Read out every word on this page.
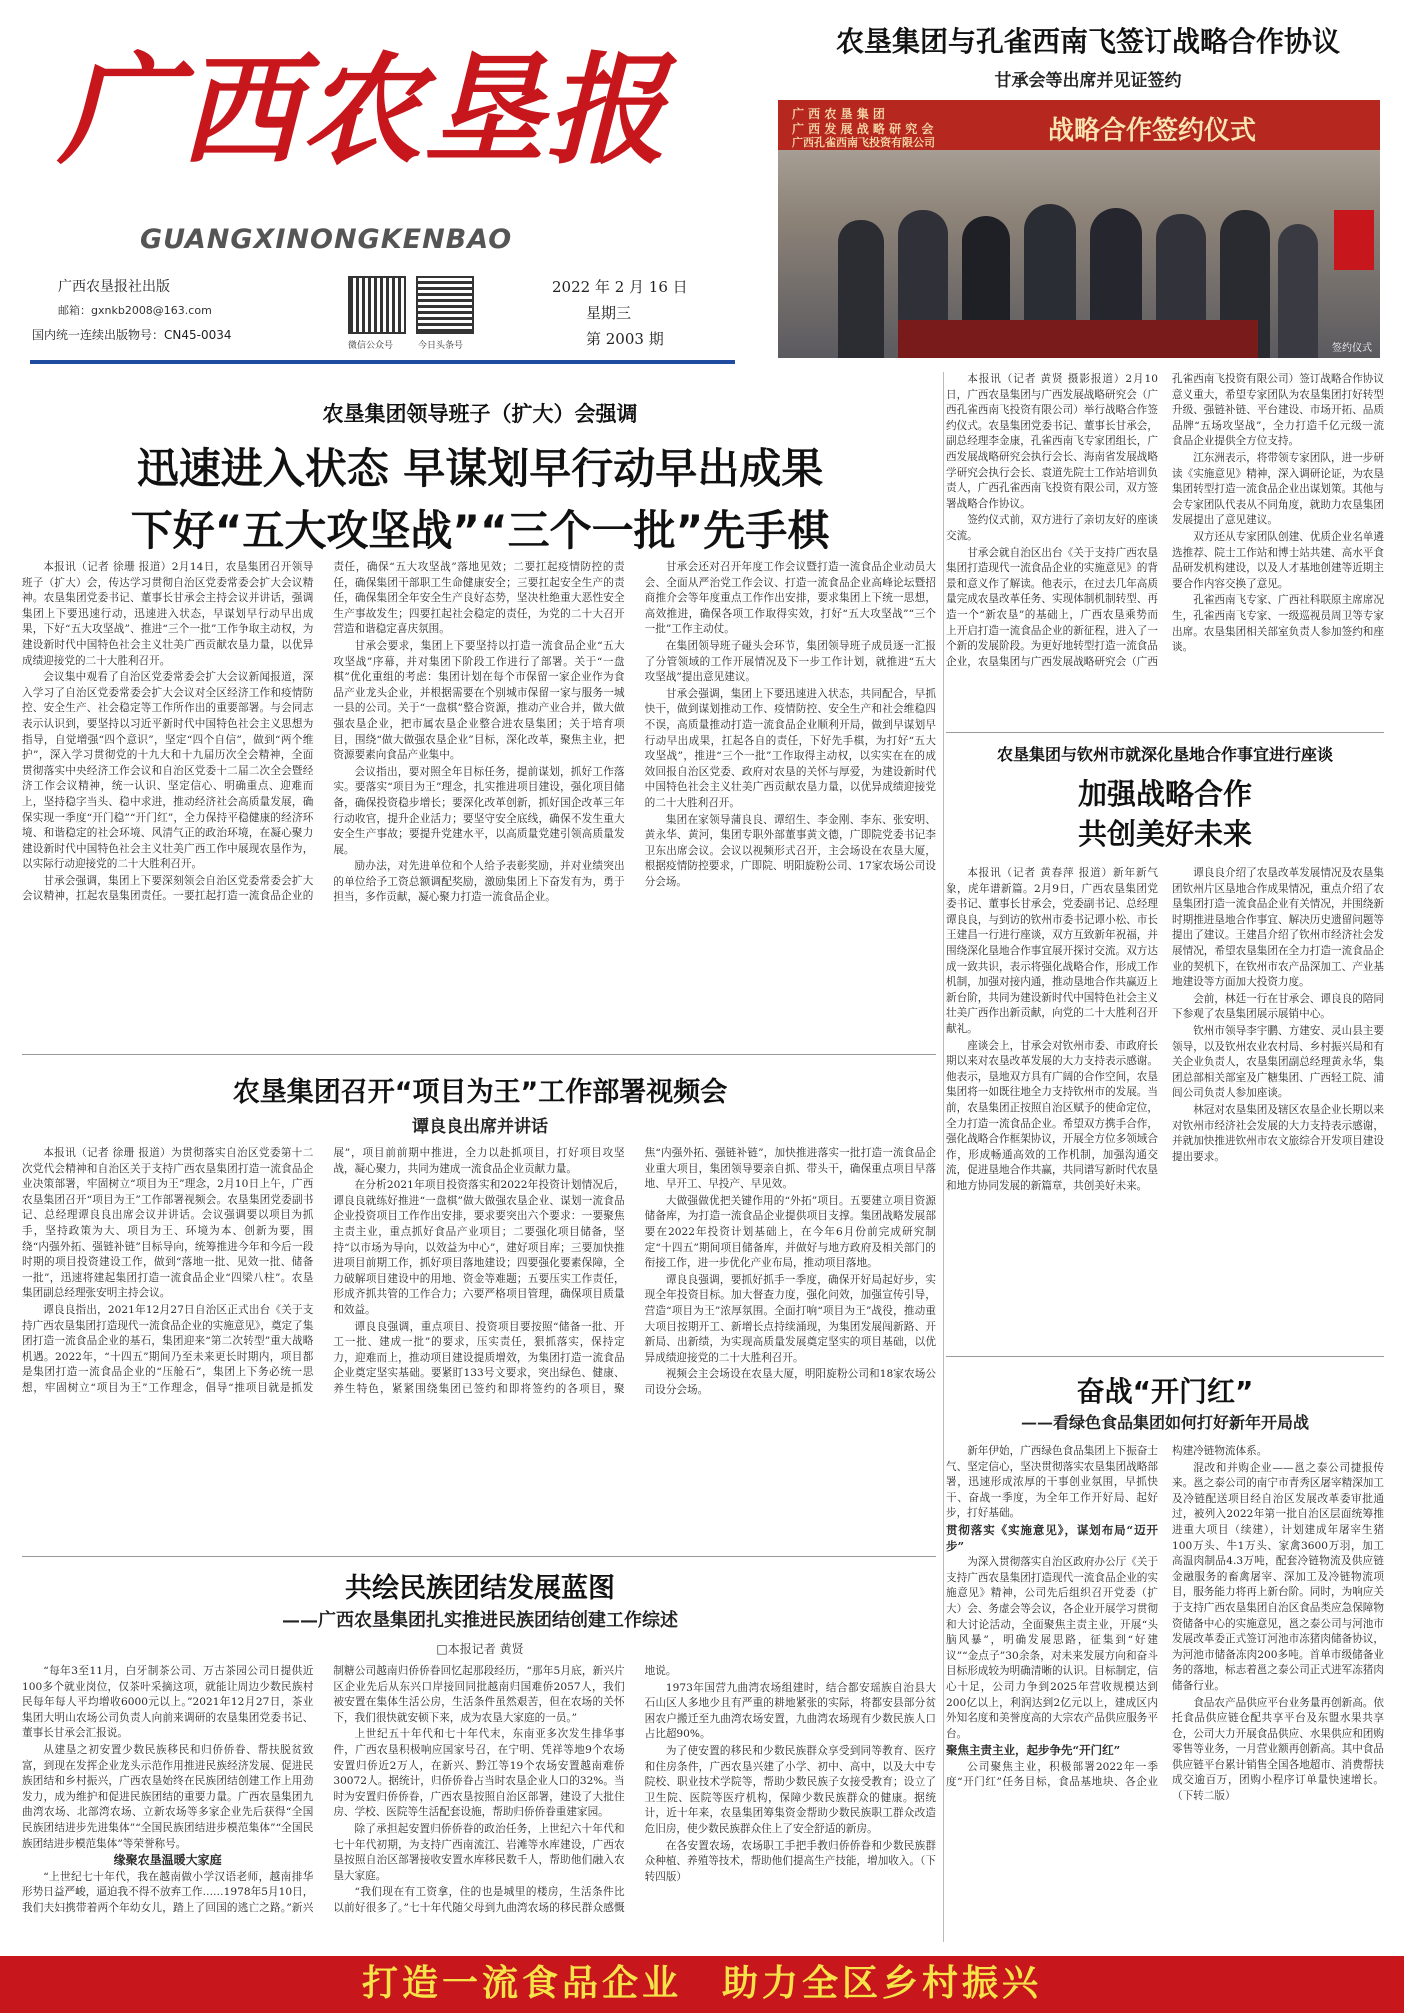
广西农垦报
GUANGXINONGKENBAO
广西农垦报社出版
邮箱：gxnkb2008@163.com
国内统一连续出版物号：CN45-0034
微信公众号	今日头条号
2022 年 2 月 16 日
星期三
第 2003 期
农垦集团与孔雀西南飞签订战略合作协议
甘承会等出席并见证签约
广 西 农 垦 集 团
广 西 发 展 战 略 研 究 会
广西孔雀西南飞投资有限公司	战略合作签约仪式
签约仪式

本报讯（记者 黄贤 摄影报道）2月10日，广西农垦集团与广西发展战略研究会（广西孔雀西南飞投资有限公司）举行战略合作签约仪式。农垦集团党委书记、董事长甘承会，副总经理李金康，孔雀西南飞专家团组长，广西发展战略研究会执行会长、海南省发展战略学研究会执行会长、袁道先院士工作站培训负责人，广西孔雀西南飞投资有限公司，双方签署战略合作协议。

签约仪式前，双方进行了亲切友好的座谈交流。

甘承会就自治区出台《关于支持广西农垦集团打造现代一流食品企业的实施意见》的背景和意义作了解读。他表示，在过去几年高质量完成农垦改革任务、实现体制机制转型、再造一个“新农垦”的基础上，广西农垦乘势而上开启打造一流食品企业的新征程，进入了一个新的发展阶段。为更好地转型打造一流食品企业，农垦集团与广西发展战略研究会（广西孔雀西南飞投资有限公司）签订战略合作协议意义重大，希望专家团队为农垦集团打好转型升级、强链补链、平台建设、市场开拓、品质品牌“五场攻坚战”，全力打造千亿元级一流食品企业提供全方位支持。

江东洲表示，将带领专家团队，进一步研读《实施意见》精神，深入调研论证，为农垦集团转型打造一流食品企业出谋划策。其他与会专家团队代表从不同角度，就助力农垦集团发展提出了意见建议。

双方还从专家团队创建、优质企业名单遴选推荐、院士工作站和博士站共建、高水平食品研发机构建设，以及人才基地创建等近期主要合作内容交换了意见。

孔雀西南飞专家、广西社科联原主席席况生，孔雀西南飞专家、一级巡视员周卫等专家出席。农垦集团相关部室负责人参加签约和座谈。

农垦集团领导班子（扩大）会强调
迅速进入状态 早谋划早行动早出成果
下好“五大攻坚战”“三个一批”先手棋

本报讯（记者 徐珊 报道）2月14日，农垦集团召开领导班子（扩大）会，传达学习贯彻自治区党委常委会扩大会议精神。农垦集团党委书记、董事长甘承会主持会议并讲话，强调集团上下要迅速行动，迅速进入状态，早谋划早行动早出成果，下好“五大攻坚战”、推进“三个一批”工作争取主动权，为建设新时代中国特色社会主义壮美广西贡献农垦力量，以优异成绩迎接党的二十大胜利召开。

会议集中观看了自治区党委常委会扩大会议新闻报道，深入学习了自治区党委常委会扩大会议对全区经济工作和疫情防控、安全生产、社会稳定等工作所作出的重要部署。与会同志表示认识到，要坚持以习近平新时代中国特色社会主义思想为指导，自觉增强“四个意识”，坚定“四个自信”，做到“两个维护”，深入学习贯彻党的十九大和十九届历次全会精神，全面贯彻落实中央经济工作会议和自治区党委十二届二次全会暨经济工作会议精神，统一认识、坚定信心、明确重点、迎难而上，坚持稳字当头、稳中求进，推动经济社会高质量发展，确保实现一季度“开门稳”“开门红”，全力保持平稳健康的经济环境、和谐稳定的社会环境、风清气正的政治环境，在凝心聚力建设新时代中国特色社会主义壮美广西工作中展现农垦作为，以实际行动迎接党的二十大胜利召开。

甘承会强调，集团上下要深刻领会自治区党委常委会扩大会议精神，扛起农垦集团责任。一要扛起打造一流食品企业的责任，确保“五大攻坚战”落地见效；二要扛起疫情防控的责任，确保集团干部职工生命健康安全；三要扛起安全生产的责任，确保集团全年安全生产良好态势，坚决杜绝重大恶性安全生产事故发生；四要扛起社会稳定的责任，为党的二十大召开营造和谐稳定喜庆氛围。

甘承会要求，集团上下要坚持以打造一流食品企业“五大攻坚战”序幕，并对集团下阶段工作进行了部署。关于“一盘棋”优化重组的考虑：集团计划在每个市保留一家企业作为食品产业龙头企业，并根据需要在个别城市保留一家与服务一城一县的公司。关于“一盘棋”整合资源，推动产业合并，做大做强农垦企业，把市属农垦企业整合进农垦集团；关于培育项目，围绕“做大做强农垦企业”目标，深化改革，聚焦主业，把资源要素向食品产业集中。

会议指出，要对照全年目标任务，提前谋划，抓好工作落实。要落实“项目为王”理念，扎实推进项目建设，强化项目储备，确保投资稳步增长；要深化改革创新，抓好国企改革三年行动收官，提升企业活力；要坚守安全底线，确保不发生重大安全生产事故；要提升党建水平，以高质量党建引领高质量发展。

励办法，对先进单位和个人给予表彰奖励，并对业绩突出的单位给予工资总额调配奖励，激励集团上下奋发有为，勇于担当，多作贡献，凝心聚力打造一流食品企业。

甘承会还对召开年度工作会议暨打造一流食品企业动员大会、全面从严治党工作会议、打造一流食品企业高峰论坛暨招商推介会等年度重点工作作出安排，要求集团上下统一思想，高效推进，确保各项工作取得实效，打好“五大攻坚战”“三个一批”工作主动仗。

在集团领导班子碰头会环节，集团领导班子成员逐一汇报了分管领域的工作开展情况及下一步工作计划，就推进“五大攻坚战”提出意见建议。

甘承会强调，集团上下要迅速进入状态，共同配合，早抓快干，做到谋划推动工作、疫情防控、安全生产和社会维稳四不误，高质量推动打造一流食品企业顺利开局，做到早谋划早行动早出成果，扛起各自的责任，下好先手棋，为打好“五大攻坚战”，推进“三个一批”工作取得主动权，以实实在在的成效回报自治区党委、政府对农垦的关怀与厚爱，为建设新时代中国特色社会主义壮美广西贡献农垦力量，以优异成绩迎接党的二十大胜利召开。

集团在家领导蒲良良、谭绍生、李金刚、李东、张安明、黄永华、黄河，集团专职外部董事黄文德，广即院党委书记李卫东出席会议。会议以视频形式召开，主会场设在农垦大厦，根据疫情防控要求，广即院、明阳旋粉公司、17家农场公司设分会场。

农垦集团召开“项目为王”工作部署视频会
谭良良出席并讲话

本报讯（记者 徐珊 报道）为贯彻落实自治区党委第十二次党代会精神和自治区关于支持广西农垦集团打造一流食品企业决策部署，牢固树立“项目为王”理念，2月10日上午，广西农垦集团召开“项目为王”工作部署视频会。农垦集团党委副书记、总经理谭良良出席会议并讲话。会议强调要以项目为抓手，坚持政策为大、项目为王、环境为本、创新为要，围绕“内强外拓、强链补链”目标导向，统筹推进今年和今后一段时期的项目投资建设工作，做到“落地一批、见效一批、储备一批”，迅速将建起集团打造一流食品企业“四梁八柱”。农垦集团副总经理张安明主持会议。

谭良良指出，2021年12月27日自治区正式出台《关于支持广西农垦集团打造现代一流食品企业的实施意见》，奠定了集团打造一流食品企业的基石，集团迎来“第二次转型”重大战略机遇。2022年，“十四五”期间乃至未来更长时期内，项目都是集团打造一流食品企业的“压舱石”，集团上下务必统一思想，牢固树立“项目为王”工作理念，倡导“推项目就是抓发展”，项目前前期中推进，全力以赴抓项目，打好项目攻坚战，凝心聚力，共同为建成一流食品企业贡献力量。

在分析2021年项目投资落实和2022年投资计划情况后，谭良良就练好推进“一盘棋”做大做强农垦企业、谋划一流食品企业投资项目工作作出安排，要求要突出六个要求：一要聚焦主责主业，重点抓好食品产业项目；二要强化项目储备，坚持“以市场为导向，以效益为中心”，建好项目库；三要加快推进项目前期工作，抓好项目落地建设；四要强化要素保障，全力破解项目建设中的用地、资金等难题；五要压实工作责任，形成齐抓共管的工作合力；六要严格项目管理，确保项目质量和效益。

谭良良强调，重点项目、投资项目要按照“储备一批、开工一批、建成一批”的要求，压实责任，狠抓落实，保持定力，迎难而上，推动项目建设提质增效，为集团打造一流食品企业奠定坚实基础。要紧盯133号文要求，突出绿色、健康、养生特色，紧紧围绕集团已签约和即将签约的各项目，聚焦“内强外拓、强链补链”，加快推进落实一批打造一流食品企业重大项目，集团领导要亲自抓、带头干，确保重点项目早落地、早开工、早投产、早见效。

大做强做优把关键作用的“外拓”项目。五要建立项目资源储备库，为打造一流食品企业提供项目支撑。集团战略发展部要在2022年投资计划基础上，在今年6月份前完成研究制定“十四五”期间项目储备库，并做好与地方政府及相关部门的衔接工作，进一步优化产业布局，推动项目落地。

谭良良强调，要抓好抓手一季度，确保开好局起好步，实现全年投资目标。加大督查力度，强化问效，加强宣传引导，营造“项目为王”浓厚氛围。全面打响“项目为王”战役，推动重大项目按期开工、新增长点持续涌现，为集团发展闯新路、开新局、出新绩，为实现高质量发展奠定坚实的项目基础，以优异成绩迎接党的二十大胜利召开。

视频会主会场设在农垦大厦，明阳旋粉公司和18家农场公司设分会场。

共绘民族团结发展蓝图
——广西农垦集团扎实推进民族团结创建工作综述
□本报记者 黄贤

“每年3至11月，白牙制茶公司、万古茶园公司日提供近100多个就业岗位，仅茶叶采摘这项，就能让周边少数民族村民每年每人平均增收6000元以上。”2021年12月27日，茶业集团大明山农场公司负责人向前来调研的农垦集团党委书记、董事长甘承会汇报说。

从建垦之初安置少数民族移民和归侨侨眷、帮扶脱贫致富，到现在发挥企业龙头示范作用推进民族经济发展、促进民族团结和乡村振兴，广西农垦始终在民族团结创建工作上用劲发力，成为维护和促进民族团结的重要力量。广西农垦集团九曲湾农场、北部湾农场、立新农场等多家企业先后获得“全国民族团结进步先进集体”“全国民族团结进步模范集体”“全国民族团结进步模范集体”等荣誉称号。

缘聚农垦温暖大家庭

“上世纪七十年代，我在越南做小学汉语老师，越南排华形势日益严峻，逼迫我不得不放弃工作……1978年5月10日，我们夫妇携带着两个年幼女儿，踏上了回国的逃亡之路。”新兴制糖公司越南归侨侨眷回忆起那段经历，“那年5月底，新兴片区企业先后从东兴口岸接回同批越南归国难侨2057人，我们被安置在集体生活公房，生活条件虽然艰苦，但在农场的关怀下，我们很快就安顿下来，成为农垦大家庭的一员。”

上世纪五十年代和七十年代末，东南亚多次发生排华事件，广西农垦积极响应国家号召，在宁明、凭祥等地9个农场安置归侨近2万人，在新兴、黔江等19个农场安置越南难侨30072人。据统计，归侨侨眷占当时农垦企业人口的32%。当时为安置归侨侨眷，广西农垦按照自治区部署，建设了大批住房、学校、医院等生活配套设施，帮助归侨侨眷重建家园。

除了承担起安置归侨侨眷的政治任务，上世纪六十年代和七十年代初期，为支持广西南流江、岩滩等水库建设，广西农垦按照自治区部署接收安置水库移民数千人，帮助他们融入农垦大家庭。

“我们现在有工资拿，住的也是城里的楼房，生活条件比以前好很多了。”七十年代随父母到九曲湾农场的移民群众感慨地说。

1973年国营九曲湾农场组建时，结合都安瑶族自治县大石山区人多地少且有严重的耕地紧张的实际，将都安县部分贫困农户搬迁至九曲湾农场安置，九曲湾农场现有少数民族人口占比超90%。

为了使安置的移民和少数民族群众享受到同等教育、医疗和住房条件，广西农垦兴建了小学、初中、高中，以及大中专院校、职业技术学院等，帮助少数民族子女接受教育；设立了卫生院、医院等医疗机构，保障少数民族群众的健康。据统计，近十年来，农垦集团筹集资金帮助少数民族职工群众改造危旧房，使少数民族群众住上了安全舒适的新房。

在各安置农场，农场职工手把手教归侨侨眷和少数民族群众种植、养殖等技术，帮助他们提高生产技能，增加收入。（下转四版）

农垦集团与钦州市就深化垦地合作事宜进行座谈
加强战略合作
共创美好未来

本报讯（记者 黄春萍 报道）新年新气象，虎年谱新篇。2月9日，广西农垦集团党委书记、董事长甘承会，党委副书记、总经理谭良良，与到访的钦州市委书记谭小松、市长王建昌一行进行座谈，双方互致新年祝福，并围绕深化垦地合作事宜展开探讨交流。双方达成一致共识，表示将强化战略合作，形成工作机制，加强对接内通，推动垦地合作共赢迈上新台阶，共同为建设新时代中国特色社会主义壮美广西作出新贡献，向党的二十大胜利召开献礼。

座谈会上，甘承会对钦州市委、市政府长期以来对农垦改革发展的大力支持表示感谢。他表示，垦地双方具有广阔的合作空间，农垦集团将一如既往地全力支持钦州市的发展。当前，农垦集团正按照自治区赋予的使命定位，全力打造一流食品企业。希望双方携手合作，强化战略合作框架协议，开展全方位多领域合作，形成畅通高效的工作机制，加强沟通交流，促进垦地合作共赢，共同谱写新时代农垦和地方协同发展的新篇章，共创美好未来。

谭良良介绍了农垦改革发展情况及农垦集团钦州片区垦地合作成果情况，重点介绍了农垦集团打造一流食品企业有关情况，并围绕新时期推进垦地合作事宜、解决历史遗留问题等提出了建议。王建昌介绍了钦州市经济社会发展情况，希望农垦集团在全力打造一流食品企业的契机下，在钦州市农产品深加工、产业基地建设等方面加大投资力度。

会前，林廷一行在甘承会、谭良良的陪同下参观了农垦集团展示展销中心。

钦州市领导李宇鹏、方建安、灵山县主要领导，以及钦州农业农村局、乡村振兴局和有关企业负责人，农垦集团副总经理黄永华，集团总部相关部室及广糖集团、广西轻工院、浦闾公司负责人参加座谈。

林冠对农垦集团及辖区农垦企业长期以来对钦州市经济社会发展的大力支持表示感谢，并就加快推进钦州市农文旅综合开发项目建设提出要求。

奋战“开门红”
——看绿色食品集团如何打好新年开局战

新年伊始，广西绿色食品集团上下振奋士气、坚定信心，坚决贯彻落实农垦集团战略部署，迅速形成浓厚的干事创业氛围，早抓快干、奋战一季度，为全年工作开好局、起好步，打好基础。

贯彻落实《实施意见》，谋划布局“迈开步”

为深入贯彻落实自治区政府办公厅《关于支持广西农垦集团打造现代一流食品企业的实施意见》精神，公司先后组织召开党委（扩大）会、务虚会等会议，各企业开展学习贯彻和大讨论活动，全面聚焦主责主业，开展“头脑风暴”，明确发展思路，征集到“好建议”“金点子”30余条，对未来发展方向和奋斗目标形成较为明确清晰的认识。目标制定，信心十足，公司力争到2025年营收规模达到200亿以上，利润达到2亿元以上，建成区内外知名度和美誉度高的大宗农产品供应服务平台。

聚焦主责主业，起步争先“开门红”

公司聚焦主业，积极部署2022年一季度“开门红”任务目标，食品基地块、各企业构建冷链物流体系。

混改和并购企业——邕之泰公司捷报传来。邕之泰公司的南宁市青秀区屠宰精深加工及冷链配送项目经自治区发展改革委审批通过，被列入2022年第一批自治区层面统筹推进重大项目（续建），计划建成年屠宰生猪100万头、牛1万头、家禽3600万羽，加工高温肉制品4.3万吨，配套冷链物流及供应链金融服务的畜禽屠宰、深加工及冷链物流项目，服务能力将再上新台阶。同时，为响应关于支持广西农垦集团自治区食品类应急保障物资储备中心的实施意见，邕之泰公司与河池市发展改革委正式签订河池市冻猪肉储备协议，为河池市储备冻肉200多吨。首单市级储备业务的落地，标志着邕之泰公司正式进军冻猪肉储备行业。

食品农产品供应平台业务量再创新高。依托食品供应链仓配共享平台及东盟水果共享仓，公司大力开展食品供应、水果供应和团购零售等业务，一月营业额再创新高。其中食品供应链平台累计销售全国各地超市、消费帮扶成交逾百万，团购小程序订单量快速增长。（下转二版）

打造一流食品企业　助力全区乡村振兴
